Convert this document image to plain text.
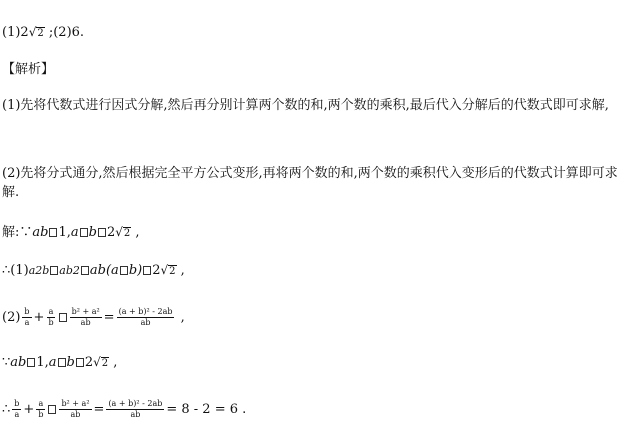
(1)2√2 ;(2)6.
【解析】
(1)先将代数式进行因式分解,然后再分别计算两个数的和,两个数的乘积,最后代入分解后的代数式即可求解,
(2)先将分式通分,然后根据完全平方公式变形,再将两个数的和,两个数的乘积代入变形后的代数式计算即可求解.
解:∵ab 1,a b 2√2 ,
∴(1)a2b ab2 ab(a b) 2√2 ,
$(2) \frac{b}{a} + \frac{a}{b} \frac{\text{b² + a²}}{ab} = \frac{\text{(a + b)² - 2ab}}{ab}$ ,
∵ab 1,a b 2√2 ,
∴ $\frac{b}{a} + \frac{a}{b} \frac{\text{b² + a²}}{ab} = \frac{\text{(a + b)² - 2ab}}{ab} = 8 - 2 = 6$ .
